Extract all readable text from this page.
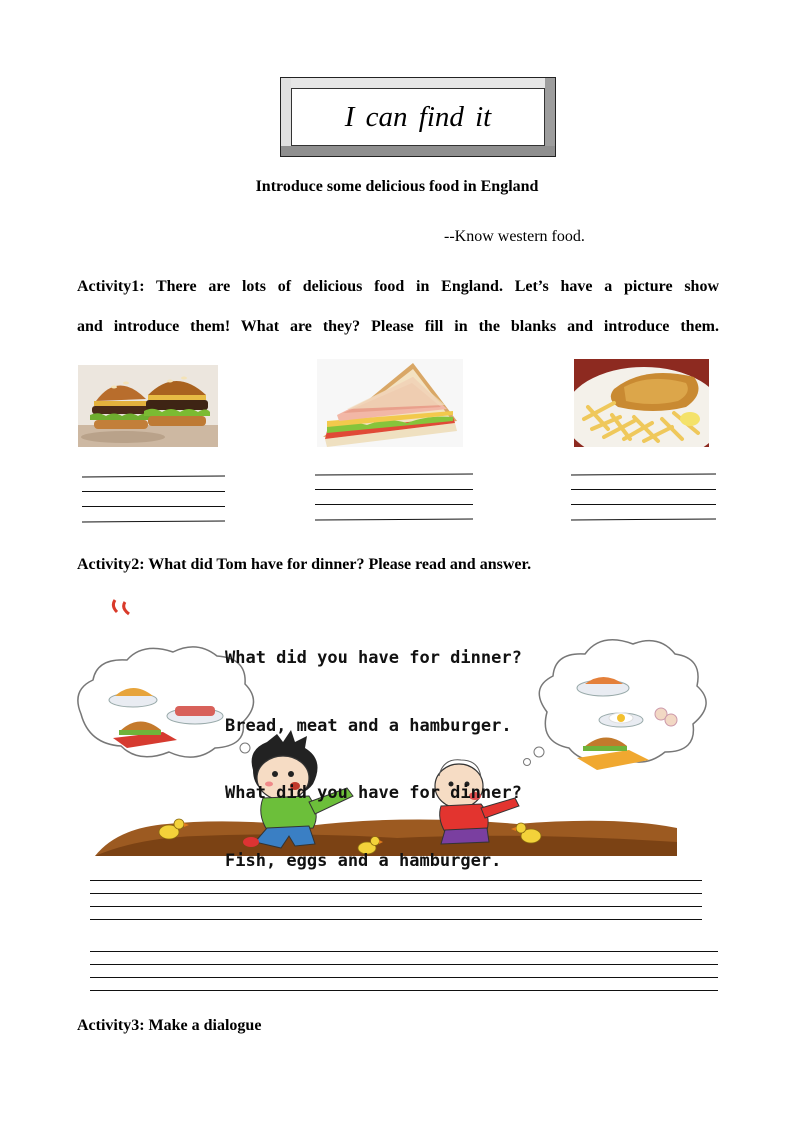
I can find it
Introduce some delicious food in England
--Know western food.
Activity1: There are lots of delicious food in England. Let’s have a picture show
and introduce them! What are they? Please fill in the blanks and introduce them.
Activity2: What did Tom have for dinner? Please read and answer.

What did you have for dinner?

Bread, meat and a hamburger.

What did you have for dinner?

Fish, eggs and a hamburger.

Activity3: Make a dialogue
